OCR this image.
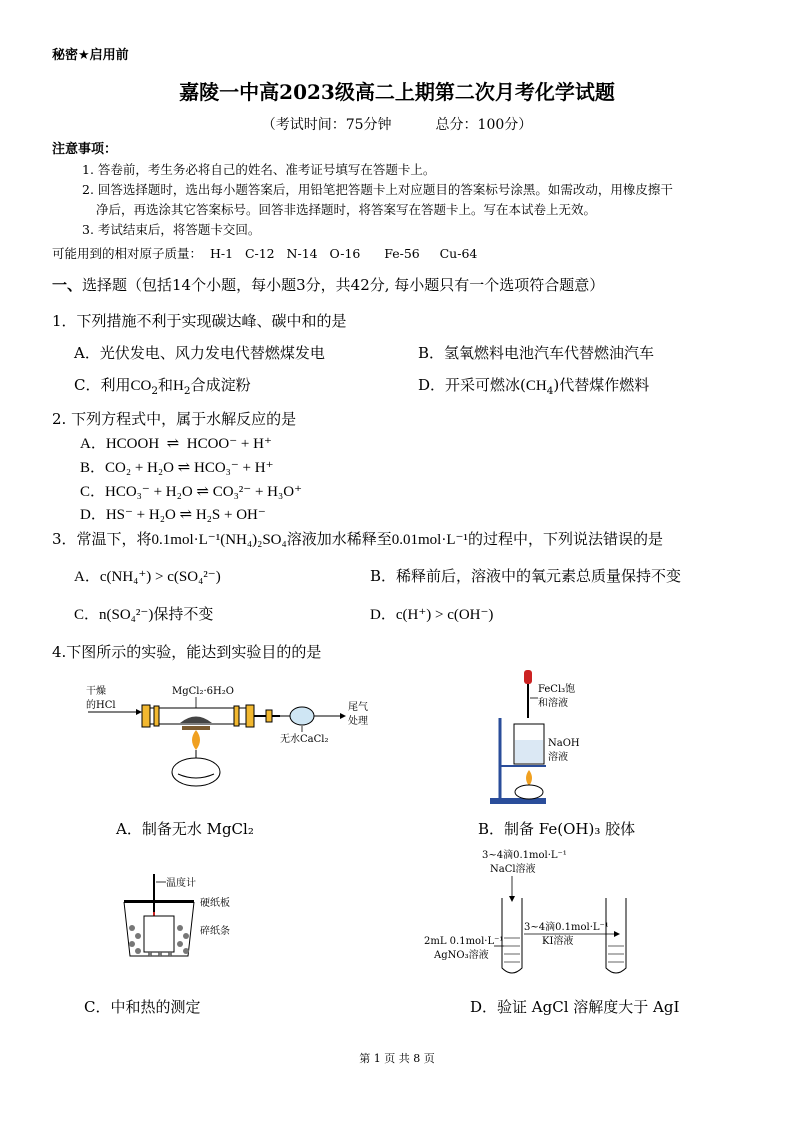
秘密★启用前
嘉陵一中高2023级高二上期第二次月考化学试题
（考试时间：75分钟	总分：100分）
注意事项：
1. 答卷前，考生务必将自己的姓名、准考证号填写在答题卡上。
2. 回答选择题时，选出每小题答案后，用铅笔把答题卡上对应题目的答案标号涂黑。如需改动，用橡皮擦干
净后，再选涂其它答案标号。回答非选择题时，将答案写在答题卡上。写在本试卷上无效。
3. 考试结束后，将答题卡交回。
可能用到的相对原子质量：  H-1   C-12   N-14   O-16      Fe-56     Cu-64
一、选择题（包括14个小题，每小题3分，共42分, 每小题只有一个选项符合题意）
1．下列措施不利于实现碳达峰、碳中和的是
A．光伏发电、风力发电代替燃煤发电	B．氢氧燃料电池汽车代替燃油汽车
C．利用$CO_2$和$H_2$合成淀粉	D．开采可燃冰$(CH_4)$代替煤作燃料
2. 下列方程式中，属于水解反应的是
A．HCOOH  ⇌  HCOO⁻ + H⁺
B．CO₂ + H₂O ⇌ HCO₃⁻ + H⁺
C．HCO₃⁻ + H₂O ⇌ CO₃²⁻ + H₃O⁺
D．HS⁻ + H₂O ⇌ H₂S + OH⁻
3．常温下，将0.1mol·L⁻¹(NH₄)₂SO₄溶液加水稀释至0.01mol·L⁻¹的过程中，下列说法错误的是
A．c(NH₄⁺) > c(SO₄²⁻)	B．稀释前后，溶液中的氧元素总质量保持不变
C．n(SO₄²⁻)保持不变	D．c(H⁺) > c(OH⁻)
4.下图所示的实验，能达到实验目的的是
干燥
的HCl
MgCl₂·6H₂O
无水CaCl₂
尾气
处理
FeCl₃饱
和溶液
NaOH
溶液
A．制备无水 MgCl₂	B．制备 Fe(OH)₃ 胶体
温度计
硬纸板
碎纸条
3~4滴0.1mol·L⁻¹
NaCl溶液
2mL 0.1mol·L⁻¹
AgNO₃溶液
3~4滴0.1mol·L⁻¹
KI溶液
C．中和热的测定	D．验证 AgCl 溶解度大于 AgI
第 1 页 共 8 页
